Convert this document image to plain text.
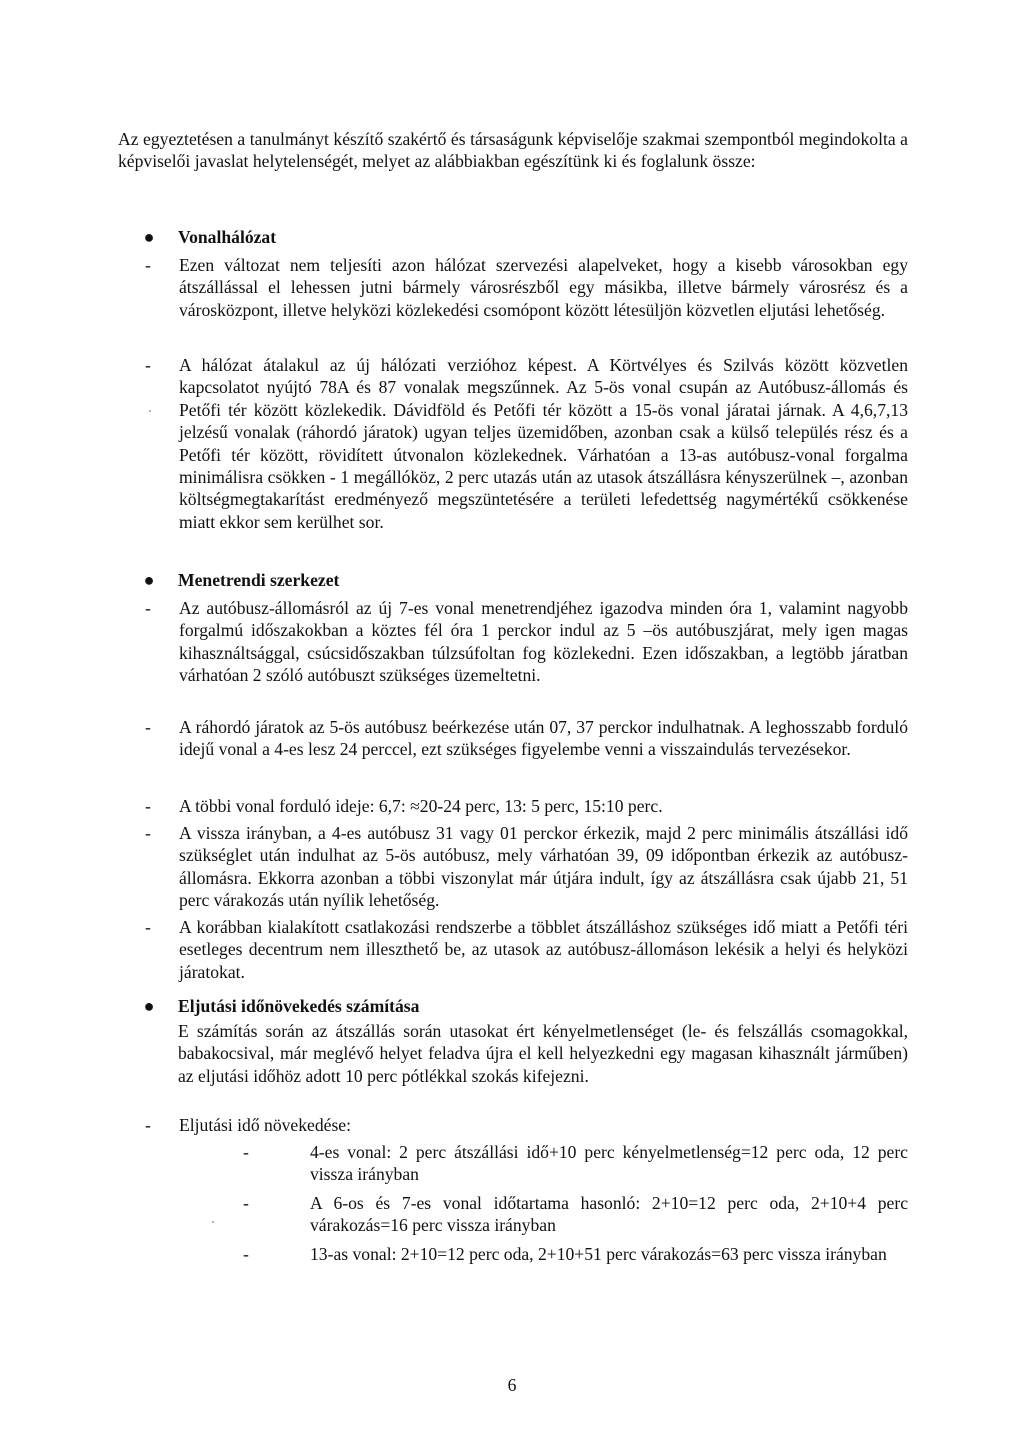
Az egyeztetésen a tanulmányt készítő szakértő és társaságunk képviselője szakmai szempontból megindokolta a képviselői javaslat helytelenségét, melyet az alábbiakban egészítünk ki és foglalunk össze:

● Vonalhálózat
- Ezen változat nem teljesíti azon hálózat szervezési alapelveket, hogy a kisebb városokban egy átszállással el lehessen jutni bármely városrészből egy másikba, illetve bármely városrész és a városközpont, illetve helyközi közlekedési csomópont között létesüljön közvetlen eljutási lehetőség.

- A hálózat átalakul az új hálózati verzióhoz képest. A Körtvélyes és Szilvás között közvetlen kapcsolatot nyújtó 78A és 87 vonalak megszűnnek. Az 5-ös vonal csupán az Autóbusz-állomás és Petőfi tér között közlekedik. Dávidföld és Petőfi tér között a 15-ös vonal járatai járnak. A 4,6,7,13 jelzésű vonalak (ráhordó járatok) ugyan teljes üzemidőben, azonban csak a külső település rész és a Petőfi tér között, rövidített útvonalon közlekednek. Várhatóan a 13-as autóbusz-vonal forgalma minimálisra csökken - 1 megállóköz, 2 perc utazás után az utasok átszállásra kényszerülnek –, azonban költségmegtakarítást eredményező megszüntetésére a területi lefedettség nagymértékű csökkenése miatt ekkor sem kerülhet sor.

● Menetrendi szerkezet
- Az autóbusz-állomásról az új 7-es vonal menetrendjéhez igazodva minden óra 1, valamint nagyobb forgalmú időszakokban a köztes fél óra 1 perckor indul az 5 –ös autóbuszjárat, mely igen magas kihasználtsággal, csúcsidőszakban túlzsúfoltan fog közlekedni. Ezen időszakban, a legtöbb járatban várhatóan 2 szóló autóbuszt szükséges üzemeltetni.

- A ráhordó járatok az 5-ös autóbusz beérkezése után 07, 37 perckor indulhatnak. A leghosszabb forduló idejű vonal a 4-es lesz 24 perccel, ezt szükséges figyelembe venni a visszaindulás tervezésekor.

- A többi vonal forduló ideje: 6,7: ≈20-24 perc, 13: 5 perc, 15:10 perc.

- A vissza irányban, a 4-es autóbusz 31 vagy 01 perckor érkezik, majd 2 perc minimális átszállási idő szükséglet után indulhat az 5-ös autóbusz, mely várhatóan 39, 09 időpontban érkezik az autóbusz-állomásra. Ekkorra azonban a többi viszonylat már útjára indult, így az átszállásra csak újabb 21, 51 perc várakozás után nyílik lehetőség.

- A korábban kialakított csatlakozási rendszerbe a többlet átszálláshoz szükséges idő miatt a Petőfi téri esetleges decentrum nem illeszthető be, az utasok az autóbusz-állomáson lekésik a helyi és helyközi járatokat.

● Eljutási időnövekedés számítása

E számítás során az átszállás során utasokat ért kényelmetlenséget (le- és felszállás csomagokkal, babakocsival, már meglévő helyet feladva újra el kell helyezkedni egy magasan kihasznált járműben) az eljutási időhöz adott 10 perc pótlékkal szokás kifejezni.

- Eljutási idő növekedése:

-	4-es vonal: 2 perc átszállási idő+10 perc kényelmetlenség=12 perc oda, 12 perc vissza irányban

-	A 6-os és 7-es vonal időtartama hasonló: 2+10=12 perc oda, 2+10+4 perc várakozás=16 perc vissza irányban

-	13-as vonal: 2+10=12 perc oda, 2+10+51 perc várakozás=63 perc vissza irányban

6
